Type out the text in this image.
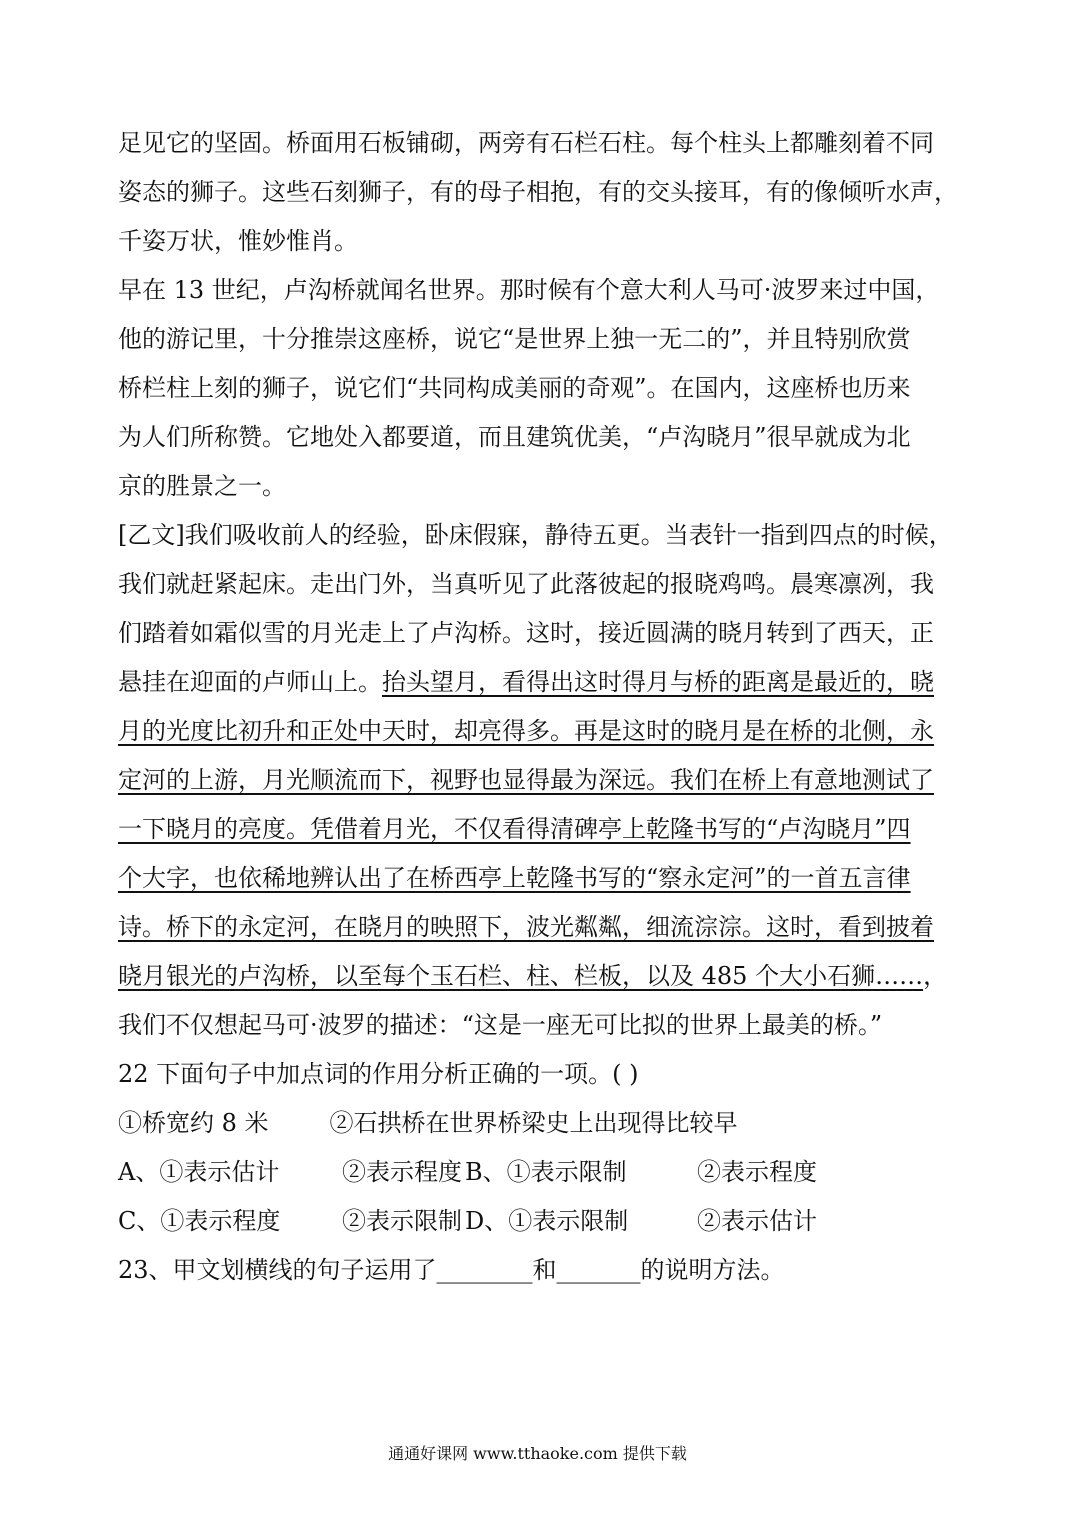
足见它的坚固。桥面用石板铺砌，两旁有石栏石柱。每个柱头上都雕刻着不同
姿态的狮子。这些石刻狮子，有的母子相抱，有的交头接耳，有的像倾听水声，
千姿万状，惟妙惟肖。
早在 13 世纪，卢沟桥就闻名世界。那时候有个意大利人马可·波罗来过中国，
他的游记里，十分推崇这座桥，说它“是世界上独一无二的”，并且特别欣赏
桥栏柱上刻的狮子，说它们“共同构成美丽的奇观”。在国内，这座桥也历来
为人们所称赞。它地处入都要道，而且建筑优美，“卢沟晓月”很早就成为北
京的胜景之一。
[乙文]我们吸收前人的经验，卧床假寐，静待五更。当表针一指到四点的时候，
我们就赶紧起床。走出门外，当真听见了此落彼起的报晓鸡鸣。晨寒凛冽，我
们踏着如霜似雪的月光走上了卢沟桥。这时，接近圆满的晓月转到了西天，正
悬挂在迎面的卢师山上。抬头望月，看得出这时得月与桥的距离是最近的，晓
月的光度比初升和正处中天时，却亮得多。再是这时的晓月是在桥的北侧，永
定河的上游，月光顺流而下，视野也显得最为深远。我们在桥上有意地测试了
一下晓月的亮度。凭借着月光，不仅看得清碑亭上乾隆书写的“卢沟晓月”四
个大字，也依稀地辨认出了在桥西亭上乾隆书写的“察永定河”的一首五言律
诗。桥下的永定河，在晓月的映照下，波光粼粼，细流淙淙。这时，看到披着
晓月银光的卢沟桥，以至每个玉石栏、柱、栏板，以及 485 个大小石狮……，
我们不仅想起马可·波罗的描述：“这是一座无可比拟的世界上最美的桥。”
22 下面句子中加点词的作用分析正确的一项。( )
①桥宽约 8 米        ②石拱桥在世界桥梁史上出现得比较早
A、①表示估计	②表示程度 B、①表示限制	②表示程度
C、①表示程度	②表示限制 D、①表示限制	②表示估计
23、甲文划横线的句子运用了________和_______的说明方法。
通通好课网 www.tthaoke.com 提供下载
